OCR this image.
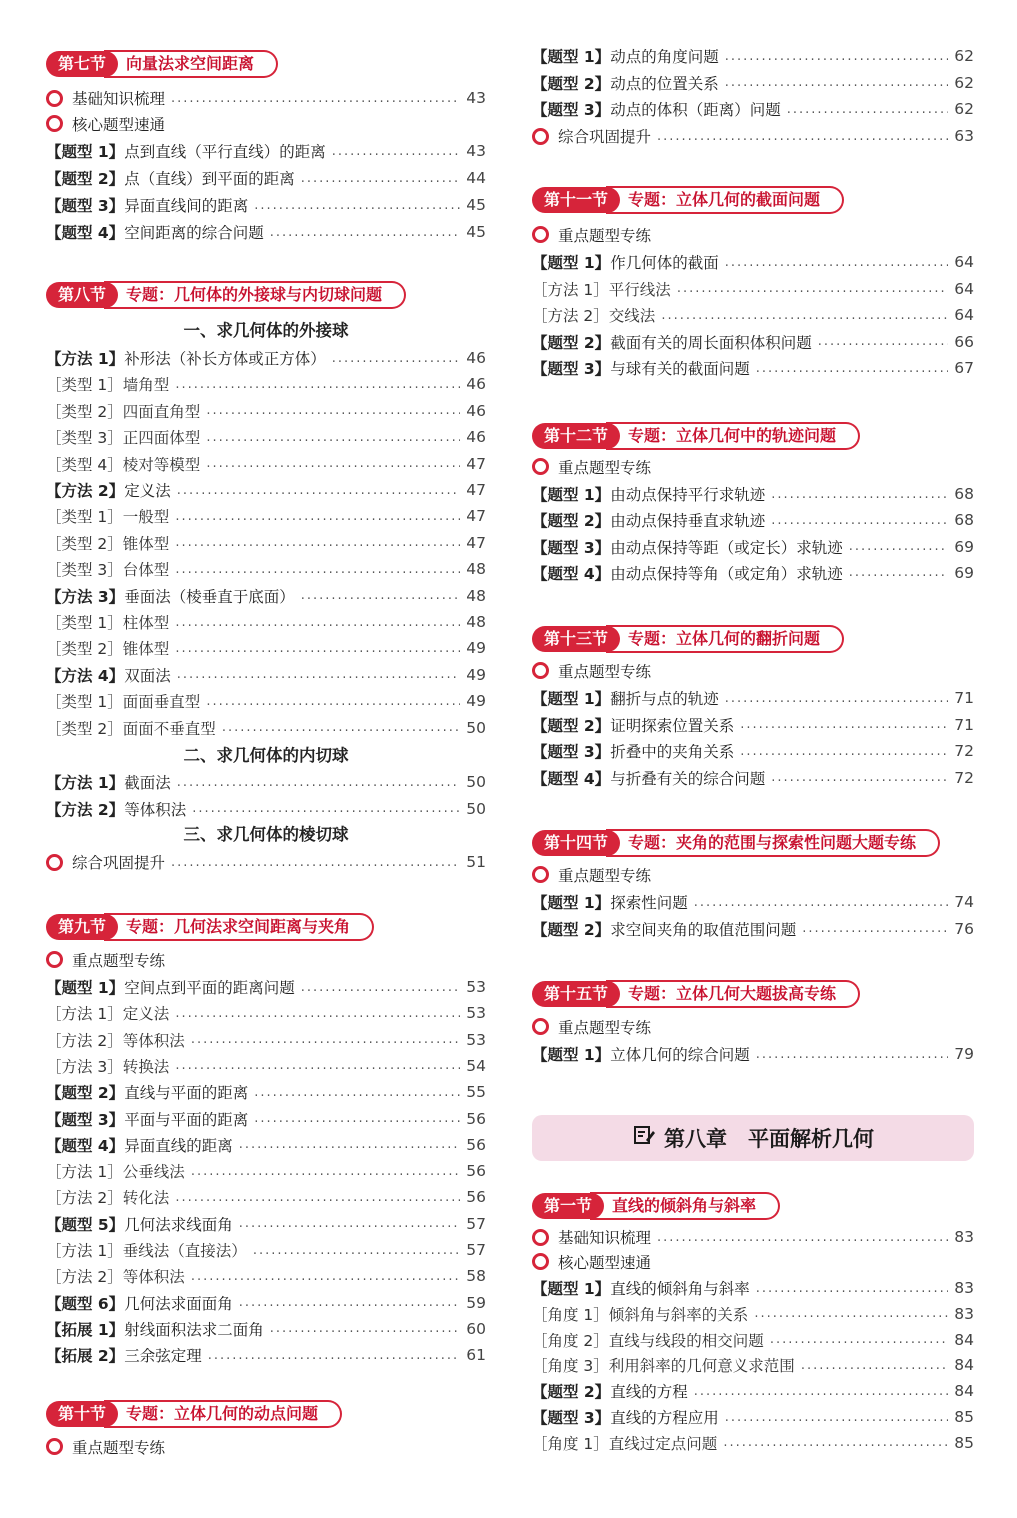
第七节	向量法求空间距离
基础知识梳理 .....	43
核心题型速通
【题型 1】点到直线（平行直线）的距离 .....	43
【题型 2】点（直线）到平面的距离 .....	44
【题型 3】异面直线间的距离 .....	45
【题型 4】空间距离的综合问题 .....	45
第八节	专题：几何体的外接球与内切球问题
一、求几何体的外接球
【方法 1】补形法（补长方体或正方体） .....	46
［类型 1］墙角型 .....	46
［类型 2］四面直角型 .....	46
［类型 3］正四面体型 .....	46
［类型 4］棱对等模型 .....	47
【方法 2】定义法 .....	47
［类型 1］一般型 .....	47
［类型 2］锥体型 .....	47
［类型 3］台体型 .....	48
【方法 3】垂面法（棱垂直于底面） .....	48
［类型 1］柱体型 .....	48
［类型 2］锥体型 .....	49
【方法 4】双面法 .....	49
［类型 1］面面垂直型 .....	49
［类型 2］面面不垂直型 .....	50
二、求几何体的内切球
【方法 1】截面法 .....	50
【方法 2】等体积法 .....	50
三、求几何体的棱切球
综合巩固提升 .....	51
第九节	专题：几何法求空间距离与夹角
重点题型专练
【题型 1】空间点到平面的距离问题 .....	53
［方法 1］定义法 .....	53
［方法 2］等体积法 .....	53
［方法 3］转换法 .....	54
【题型 2】直线与平面的距离 .....	55
【题型 3】平面与平面的距离 .....	56
【题型 4】异面直线的距离 .....	56
［方法 1］公垂线法 .....	56
［方法 2］转化法 .....	56
【题型 5】几何法求线面角 .....	57
［方法 1］垂线法（直接法） .....	57
［方法 2］等体积法 .....	58
【题型 6】几何法求面面角 .....	59
【拓展 1】射线面积法求二面角 .....	60
【拓展 2】三余弦定理 .....	61
第十节	专题：立体几何的动点问题
重点题型专练
【题型 1】动点的角度问题 .....	62
【题型 2】动点的位置关系 .....	62
【题型 3】动点的体积（距离）问题 .....	62
综合巩固提升 .....	63
第十一节	专题：立体几何的截面问题
重点题型专练
【题型 1】作几何体的截面 .....	64
［方法 1］平行线法 .....	64
［方法 2］交线法 .....	64
【题型 2】截面有关的周长面积体积问题 .....	66
【题型 3】与球有关的截面问题 .....	67
第十二节	专题：立体几何中的轨迹问题
重点题型专练
【题型 1】由动点保持平行求轨迹 .....	68
【题型 2】由动点保持垂直求轨迹 .....	68
【题型 3】由动点保持等距（或定长）求轨迹 .....	69
【题型 4】由动点保持等角（或定角）求轨迹 .....	69
第十三节	专题：立体几何的翻折问题
重点题型专练
【题型 1】翻折与点的轨迹 .....	71
【题型 2】证明探索位置关系 .....	71
【题型 3】折叠中的夹角关系 .....	72
【题型 4】与折叠有关的综合问题 .....	72
第十四节	专题：夹角的范围与探索性问题大题专练
重点题型专练
【题型 1】探索性问题 .....	74
【题型 2】求空间夹角的取值范围问题 .....	76
第十五节	专题：立体几何大题拔高专练
重点题型专练
【题型 1】立体几何的综合问题 .....	79
第八章　平面解析几何
第一节	直线的倾斜角与斜率
基础知识梳理 .....	83
核心题型速通
【题型 1】直线的倾斜角与斜率 .....	83
［角度 1］倾斜角与斜率的关系 .....	83
［角度 2］直线与线段的相交问题 .....	84
［角度 3］利用斜率的几何意义求范围 .....	84
【题型 2】直线的方程 .....	84
【题型 3】直线的方程应用 .....	85
［角度 1］直线过定点问题 .....	85
